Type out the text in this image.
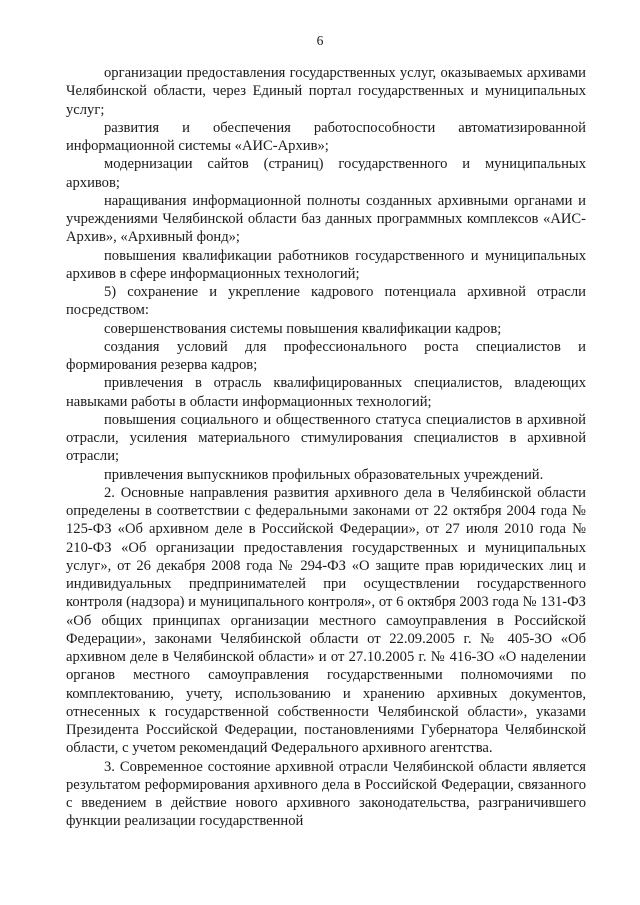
6

организации предоставления государственных услуг, оказываемых архивами Челябинской области, через Единый портал государственных и муниципальных услуг;

развития и обеспечения работоспособности автоматизированной информационной системы «АИС-Архив»;

модернизации сайтов (страниц) государственного и муниципальных архивов;

наращивания информационной полноты созданных архивными органами и учреждениями Челябинской области баз данных программных комплексов «АИС-Архив», «Архивный фонд»;

повышения квалификации работников государственного и муниципальных архивов в сфере информационных технологий;

5) сохранение и укрепление кадрового потенциала архивной отрасли посредством:

совершенствования системы повышения квалификации кадров;

создания условий для профессионального роста специалистов и формирования резерва кадров;

привлечения в отрасль квалифицированных специалистов, владеющих навыками работы в области информационных технологий;

повышения социального и общественного статуса специалистов в архивной отрасли, усиления материального стимулирования специалистов в архивной отрасли;

привлечения выпускников профильных образовательных учреждений.

2. Основные направления развития архивного дела в Челябинской области определены в соответствии с федеральными законами от 22 октября 2004 года № 125-ФЗ «Об архивном деле в Российской Федерации», от 27 июля 2010 года № 210-ФЗ «Об организации предоставления государственных и муниципальных услуг», от 26 декабря 2008 года № 294-ФЗ «О защите прав юридических лиц и индивидуальных предпринимателей при осуществлении государственного контроля (надзора) и муниципального контроля», от 6 октября 2003 года № 131-ФЗ «Об общих принципах организации местного самоуправления в Российской Федерации», законами Челябинской области от 22.09.2005 г. № 405-ЗО «Об архивном деле в Челябинской области» и от 27.10.2005 г. № 416-ЗО «О наделении органов местного самоуправления государственными полномочиями по комплектованию, учету, использованию и хранению архивных документов, отнесенных к государственной собственности Челябинской области», указами Президента Российской Федерации, постановлениями Губернатора Челябинской области, с учетом рекомендаций Федерального архивного агентства.

3. Современное состояние архивной отрасли Челябинской области является результатом реформирования архивного дела в Российской Федерации, связанного с введением в действие нового архивного законодательства, разграничившего функции реализации государственной
